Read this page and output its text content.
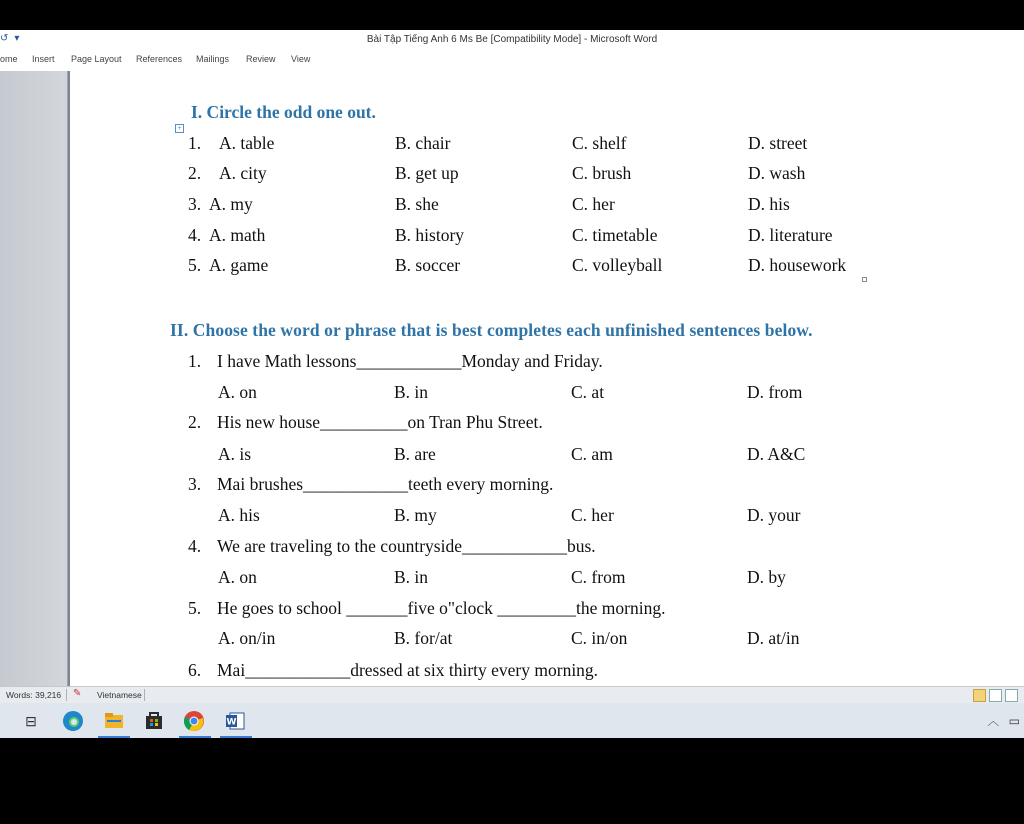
↺ ▾	Bài Tập Tiếng Anh 6 Ms Be [Compatibility Mode] - Microsoft Word
ome Insert Page Layout References Mailings Review View
I. Circle the odd one out.
+
1. A. table	B. chair	C. shelf	D. street
2. A. city	B. get up	C. brush	D. wash
3. A. my	B. she	C. her	D. his
4. A. math	B. history	C. timetable	D. literature
5. A. game	B. soccer	C. volleyball	D. housework
II. Choose the word or phrase that is best completes each unfinished sentences below.
1. I have Math lessons____________Monday and Friday.
A. on	B. in	C. at	D. from
2. His new house__________on Tran Phu Street.
A. is	B. are	C. am	D. A&C
3. Mai brushes____________teeth every morning.
A. his	B. my	C. her	D. your
4. We are traveling to the countryside____________bus.
A. on	B. in	C. from	D. by
5. He goes to school _______five o"clock _________the morning.
A. on/in	B. for/at	C. in/on	D. at/in
6. Mai____________dressed at six thirty every morning.
Words: 39,216 ✎ Vietnamese
⊟	W	︿ ▭
